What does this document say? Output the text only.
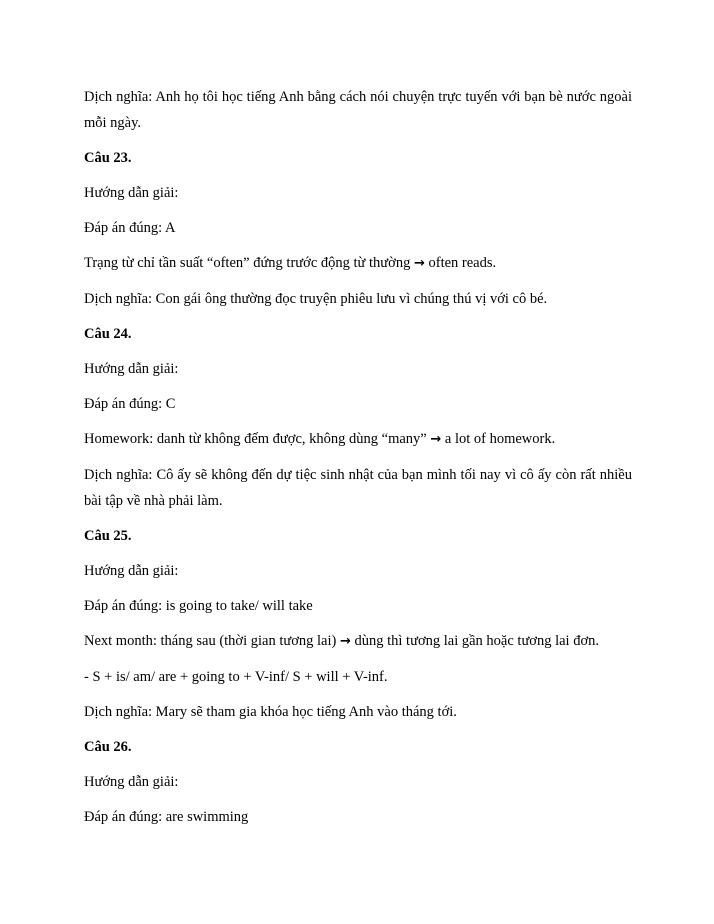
Dịch nghĩa: Anh họ tôi học tiếng Anh bằng cách nói chuyện trực tuyến với bạn bè nước ngoài mỗi ngày.

Câu 23.

Hướng dẫn giải:

Đáp án đúng: A

Trạng từ chỉ tần suất “often” đứng trước động từ thường → often reads.

Dịch nghĩa: Con gái ông thường đọc truyện phiêu lưu vì chúng thú vị với cô bé.

Câu 24.

Hướng dẫn giải:

Đáp án đúng: C

Homework: danh từ không đếm được, không dùng “many” → a lot of homework.

Dịch nghĩa: Cô ấy sẽ không đến dự tiệc sinh nhật của bạn mình tối nay vì cô ấy còn rất nhiều bài tập về nhà phải làm.

Câu 25.

Hướng dẫn giải:

Đáp án đúng: is going to take/ will take

Next month: tháng sau (thời gian tương lai) → dùng thì tương lai gần hoặc tương lai đơn.

- S + is/ am/ are + going to + V-inf/ S + will + V-inf.

Dịch nghĩa: Mary sẽ tham gia khóa học tiếng Anh vào tháng tới.

Câu 26.

Hướng dẫn giải:

Đáp án đúng: are swimming
